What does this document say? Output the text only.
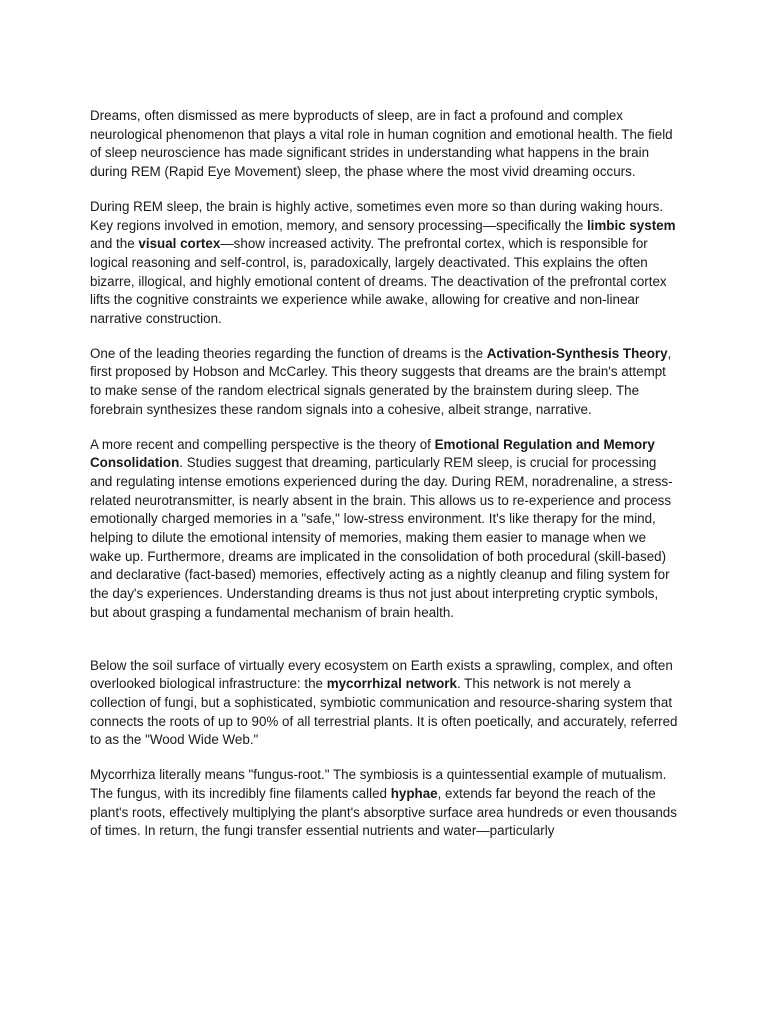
Dreams, often dismissed as mere byproducts of sleep, are in fact a profound and complex neurological phenomenon that plays a vital role in human cognition and emotional health. The field of sleep neuroscience has made significant strides in understanding what happens in the brain during REM (Rapid Eye Movement) sleep, the phase where the most vivid dreaming occurs.

During REM sleep, the brain is highly active, sometimes even more so than during waking hours. Key regions involved in emotion, memory, and sensory processing—specifically the limbic system and the visual cortex—show increased activity. The prefrontal cortex, which is responsible for logical reasoning and self-control, is, paradoxically, largely deactivated. This explains the often bizarre, illogical, and highly emotional content of dreams. The deactivation of the prefrontal cortex lifts the cognitive constraints we experience while awake, allowing for creative and non-linear narrative construction.

One of the leading theories regarding the function of dreams is the Activation-Synthesis Theory, first proposed by Hobson and McCarley. This theory suggests that dreams are the brain's attempt to make sense of the random electrical signals generated by the brainstem during sleep. The forebrain synthesizes these random signals into a cohesive, albeit strange, narrative.

A more recent and compelling perspective is the theory of Emotional Regulation and Memory Consolidation. Studies suggest that dreaming, particularly REM sleep, is crucial for processing and regulating intense emotions experienced during the day. During REM, noradrenaline, a stress-related neurotransmitter, is nearly absent in the brain. This allows us to re-experience and process emotionally charged memories in a "safe," low-stress environment. It's like therapy for the mind, helping to dilute the emotional intensity of memories, making them easier to manage when we wake up. Furthermore, dreams are implicated in the consolidation of both procedural (skill-based) and declarative (fact-based) memories, effectively acting as a nightly cleanup and filing system for the day's experiences. Understanding dreams is thus not just about interpreting cryptic symbols, but about grasping a fundamental mechanism of brain health.

Below the soil surface of virtually every ecosystem on Earth exists a sprawling, complex, and often overlooked biological infrastructure: the mycorrhizal network. This network is not merely a collection of fungi, but a sophisticated, symbiotic communication and resource-sharing system that connects the roots of up to 90% of all terrestrial plants. It is often poetically, and accurately, referred to as the "Wood Wide Web."

Mycorrhiza literally means "fungus-root." The symbiosis is a quintessential example of mutualism. The fungus, with its incredibly fine filaments called hyphae, extends far beyond the reach of the plant's roots, effectively multiplying the plant's absorptive surface area hundreds or even thousands of times. In return, the fungi transfer essential nutrients and water—particularly
